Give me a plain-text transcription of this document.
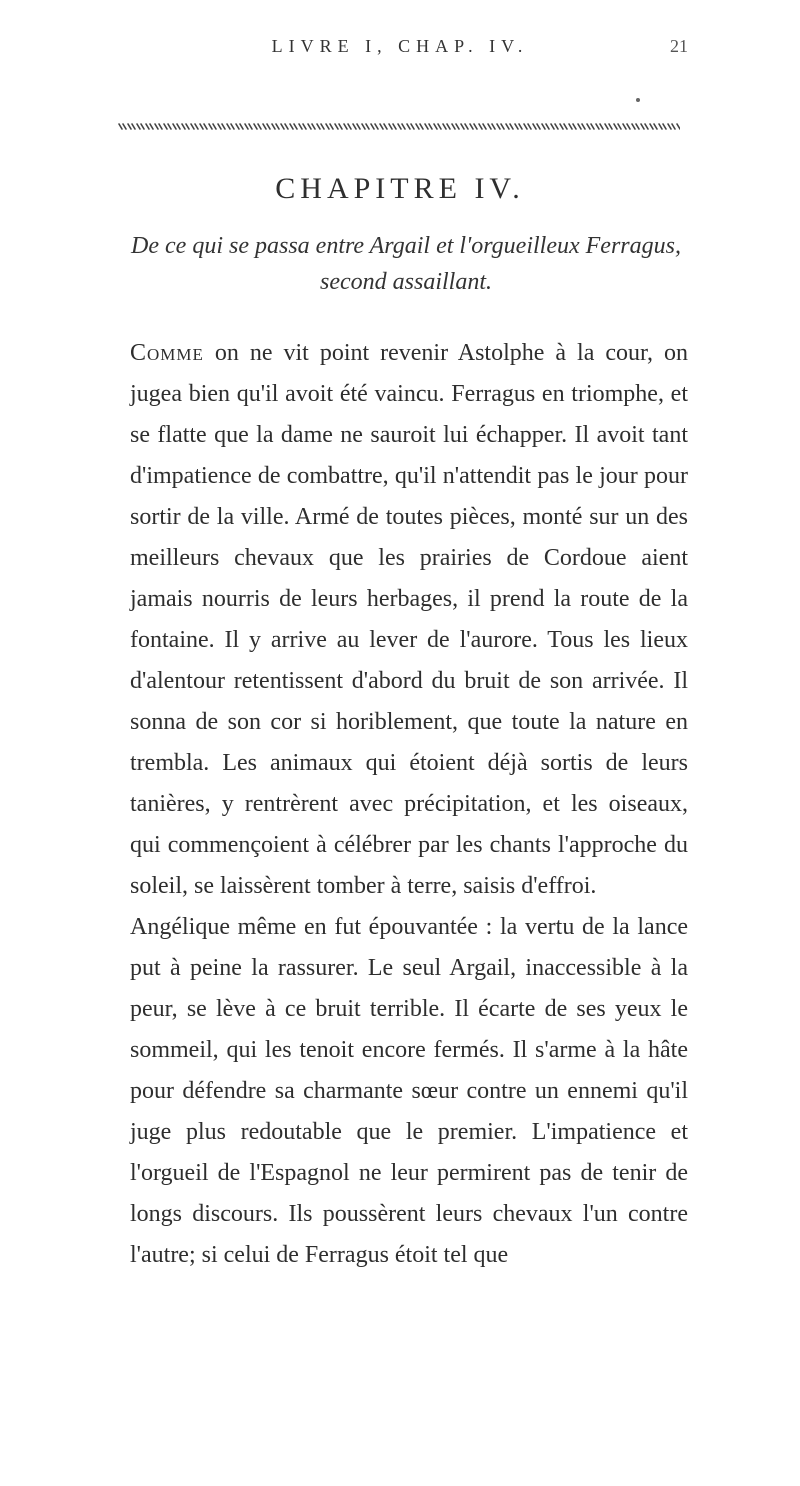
LIVRE I, CHAP. IV.	21
CHAPITRE IV.
De ce qui se passa entre Argail et l'orgueilleux Ferragus, second assaillant.

Comme on ne vit point revenir Astolphe à la cour, on jugea bien qu'il avoit été vaincu. Ferragus en triomphe, et se flatte que la dame ne sauroit lui échapper. Il avoit tant d'impatience de combattre, qu'il n'attendit pas le jour pour sortir de la ville. Armé de toutes pièces, monté sur un des meilleurs chevaux que les prairies de Cordoue aient jamais nourris de leurs herbages, il prend la route de la fontaine. Il y arrive au lever de l'aurore. Tous les lieux d'alentour retentissent d'abord du bruit de son arrivée. Il sonna de son cor si horiblement, que toute la nature en trembla. Les animaux qui étoient déjà sortis de leurs tanières, y rentrèrent avec précipitation, et les oiseaux, qui commençoient à célébrer par les chants l'approche du soleil, se laissèrent tomber à terre, saisis d'effroi.

Angélique même en fut épouvantée : la vertu de la lance put à peine la rassurer. Le seul Argail, inaccessible à la peur, se lève à ce bruit terrible. Il écarte de ses yeux le sommeil, qui les tenoit encore fermés. Il s'arme à la hâte pour défendre sa charmante sœur contre un ennemi qu'il juge plus redoutable que le premier. L'impatience et l'orgueil de l'Espagnol ne leur permirent pas de tenir de longs discours. Ils poussèrent leurs chevaux l'un contre l'autre; si celui de Ferragus étoit tel que
